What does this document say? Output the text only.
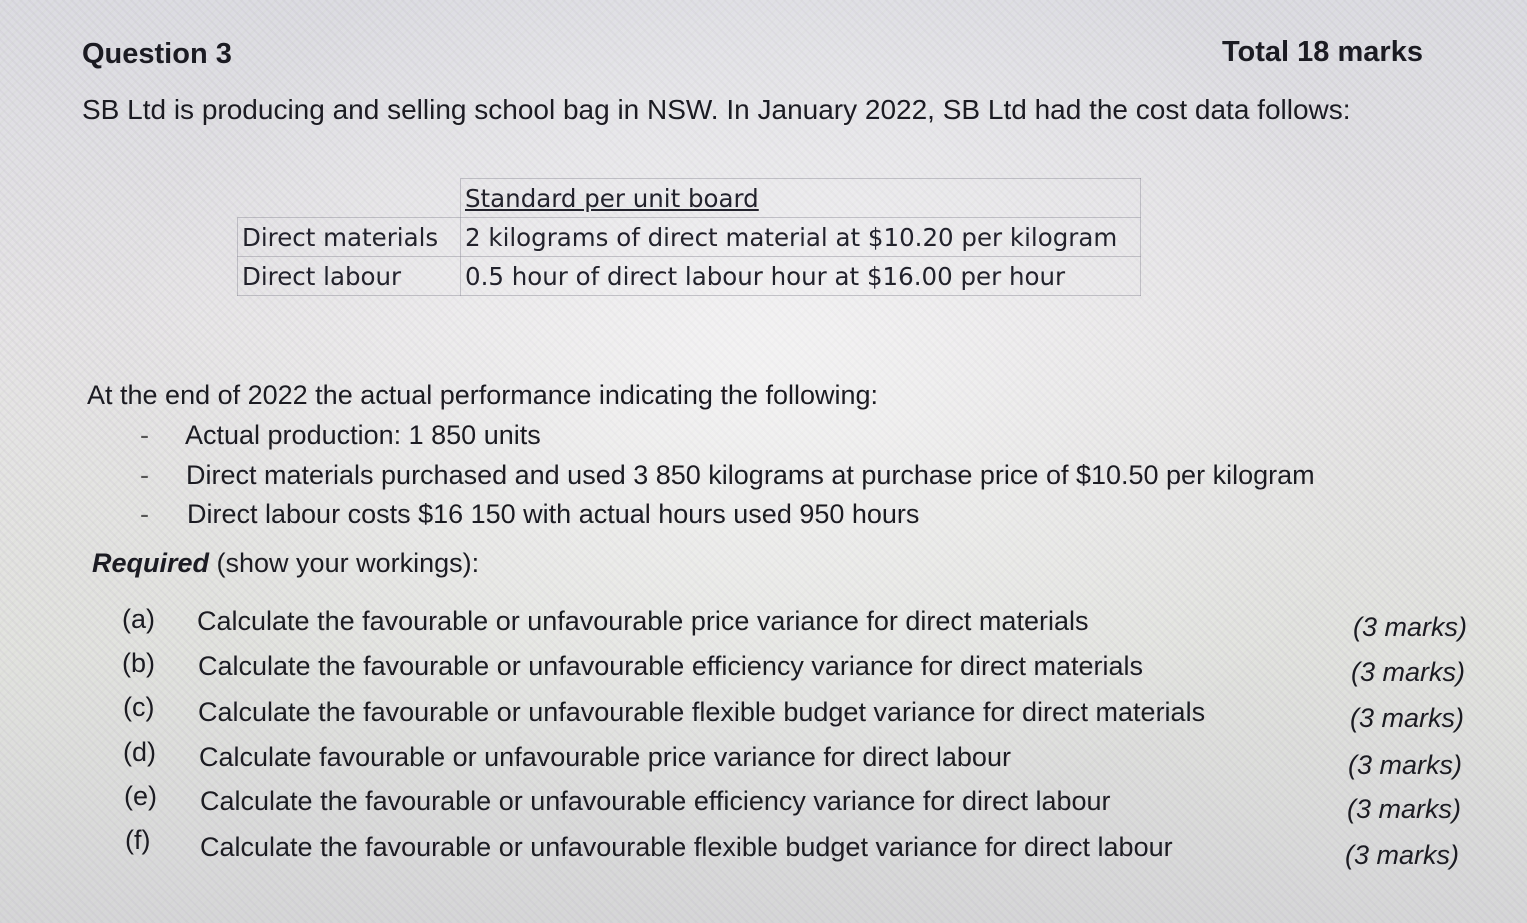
Question 3	Total 18 marks
SB Ltd is producing and selling school bag in NSW. In January 2022, SB Ltd had the cost data follows:
	Standard per unit board
Direct materials	2 kilograms of direct material at $10.20 per kilogram
Direct labour	0.5 hour of direct labour hour at $16.00 per hour
At the end of 2022 the actual performance indicating the following:
- Actual production: 1 850 units
- Direct materials purchased and used 3 850 kilograms at purchase price of $10.50 per kilogram
- Direct labour costs $16 150 with actual hours used 950 hours
Required (show your workings):
(a) Calculate the favourable or unfavourable price variance for direct materials	(3 marks)
(b) Calculate the favourable or unfavourable efficiency variance for direct materials	(3 marks)
(c) Calculate the favourable or unfavourable flexible budget variance for direct materials	(3 marks)
(d) Calculate favourable or unfavourable price variance for direct labour	(3 marks)
(e) Calculate the favourable or unfavourable efficiency variance for direct labour	(3 marks)
(f) Calculate the favourable or unfavourable flexible budget variance for direct labour	(3 marks)
